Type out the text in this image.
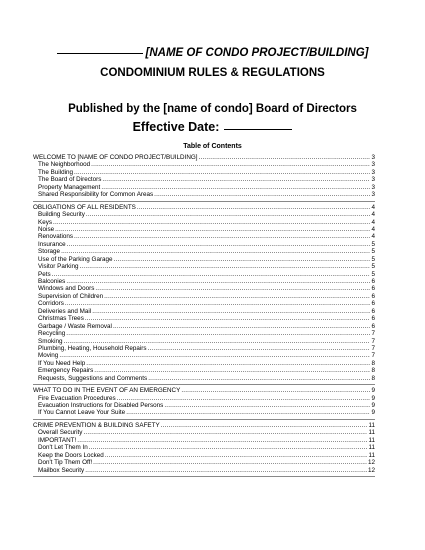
[NAME OF CONDO PROJECT/BUILDING]
CONDOMINIUM RULES & REGULATIONS
Published by the [name of condo] Board of Directors
Effective Date:
Table of Contents
WELCOME TO [NAME OF CONDO PROJECT/BUILDING] .....	3
The Neighborhood .....	3
The Building .....	3
The Board of Directors .....	3
Property Management .....	3
Shared Responsibility for Common Areas .....	3
OBLIGATIONS OF ALL RESIDENTS .....	4
Building Security .....	4
Keys .....	4
Noise .....	4
Renovations .....	4
Insurance .....	5
Storage .....	5
Use of the Parking Garage .....	5
Visitor Parking .....	5
Pets .....	5
Balconies .....	6
Windows and Doors .....	6
Supervision of Children .....	6
Corridors .....	6
Deliveries and Mail .....	6
Christmas Trees .....	6
Garbage / Waste Removal .....	6
Recycling .....	7
Smoking .....	7
Plumbing, Heating, Household Repairs .....	7
Moving .....	7
If You Need Help .....	8
Emergency Repairs .....	8
Requests, Suggestions and Comments .....	8
WHAT TO DO IN THE EVENT OF AN EMERGENCY .....	9
Fire Evacuation Procedures .....	9
Evacuation Instructions for Disabled Persons .....	9
If You Cannot Leave Your Suite .....	9
CRIME PREVENTION & BUILDING SAFETY .....	11
Overall Security .....	11
IMPORTANT! .....	11
Don't Let Them In .....	11
Keep the Doors Locked .....	11
Don't Tip Them Off! .....	12
Mailbox Security .....	12
